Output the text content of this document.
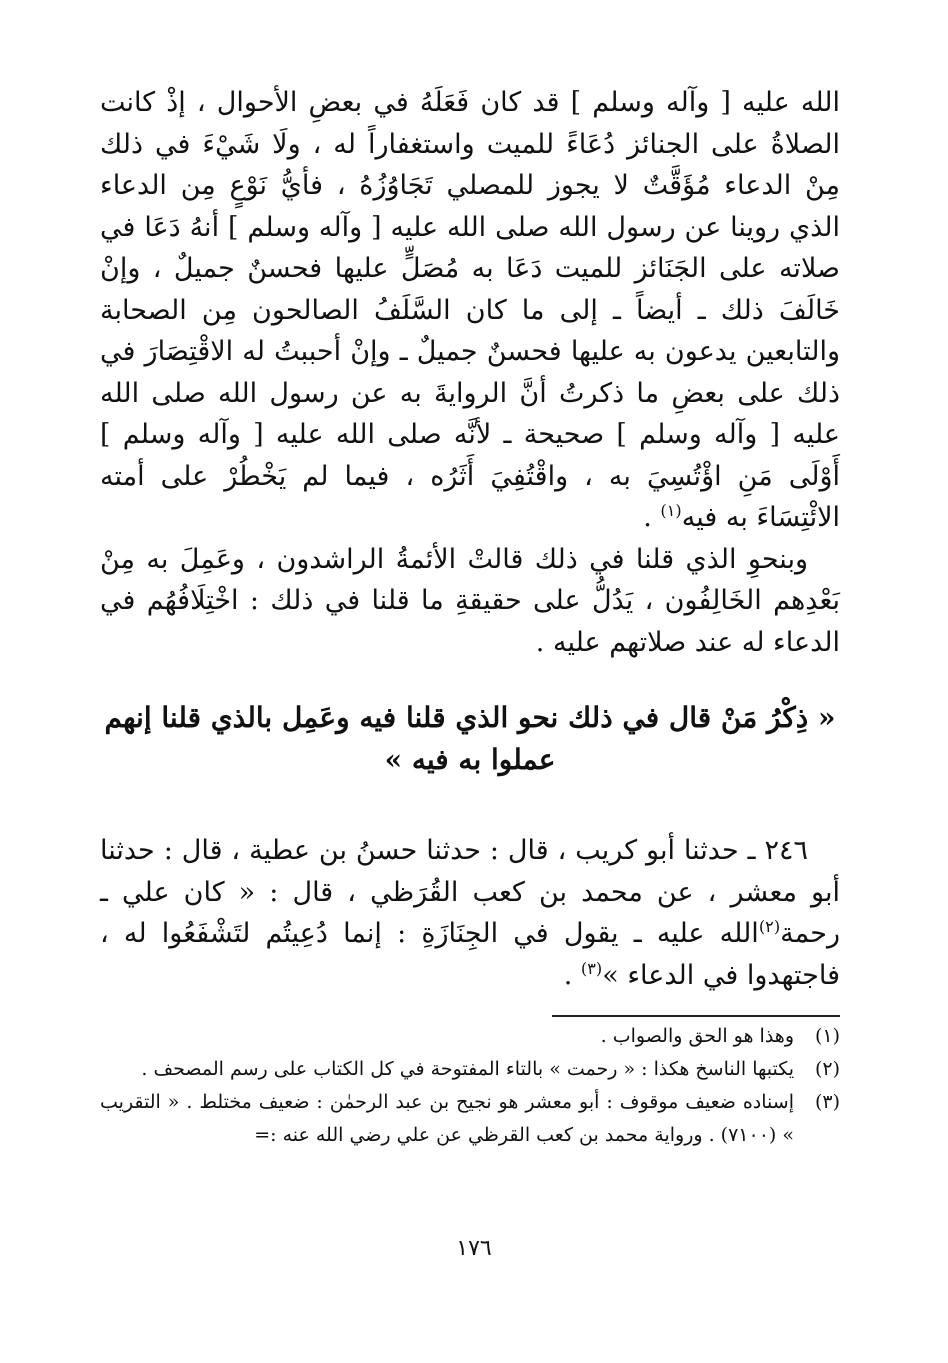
الله عليه [ وآله وسلم ] قد كان فَعَلَهُ في بعضِ الأحوال ، إذْ كانت الصلاةُ على الجنائز دُعَاءً للميت واستغفاراً له ، ولَا شَيْءَ في ذلك مِنْ الدعاء مُؤَقَّتٌ لا يجوز للمصلي تَجَاوُزُهُ ، فأيُّ نَوْعٍ مِن الدعاء الذي روينا عن رسول الله صلى الله عليه [ وآله وسلم ] أنهُ دَعَا في صلاته على الجَنَائز للميت دَعَا به مُصَلٍّ عليها فحسنٌ جميلٌ ، وإنْ خَالَفَ ذلك ـ أيضاً ـ إلى ما كان السَّلَفُ الصالحون مِن الصحابة والتابعين يدعون به عليها فحسنٌ جميلٌ ـ وإنْ أحببتُ له الاقْتِصَارَ في ذلك على بعضِ ما ذكرتُ أنَّ الروايةَ به عن رسول الله صلى الله عليه [ وآله وسلم ] صحيحة ـ لأنَّه صلى الله عليه [ وآله وسلم ] أَوْلَى مَنِ اؤْتُسِيَ به ، واقْتُفِيَ أَثَرُه ، فيما لم يَخْطُرْ على أمته الائْتِسَاءَ به فيه$^{(١)}$ .

وبنحوِ الذي قلنا في ذلك قالتْ الأئمةُ الراشدون ، وعَمِلَ به مِنْ بَعْدِهم الخَالِفُون ، يَدُلُّ على حقيقةِ ما قلنا في ذلك : اخْتِلَافُهُم في الدعاء له عند صلاتهم عليه .

« ذِكْرُ مَنْ قال في ذلك نحو الذي قلنا فيه وعَمِل بالذي قلنا إنهم عملوا به فيه »

٢٤٦ ـ حدثنا أبو كريب ، قال : حدثنا حسنُ بن عطية ، قال : حدثنا أبو معشر ، عن محمد بن كعب القُرَظي ، قال : « كان علي ـ رحمة$^{(٢)}$الله عليه ـ يقول في الجِنَازَةِ : إنما دُعِيتُم لتَشْفَعُوا له ، فاجتهدوا في الدعاء »$^{(٣)}$ .

(١)
وهذا هو الحق والصواب .
(٢)
يكتبها الناسخ هكذا : « رحمت » بالتاء المفتوحة في كل الكتاب على رسم المصحف .
(٣)
إسناده ضعيف موقوف : أبو معشر هو نجيح بن عبد الرحمٰن : ضعيف مختلط . « التقريب » (٧١٠٠) . ورواية محمد بن كعب القرظي عن علي رضي الله عنه :=
١٧٦
